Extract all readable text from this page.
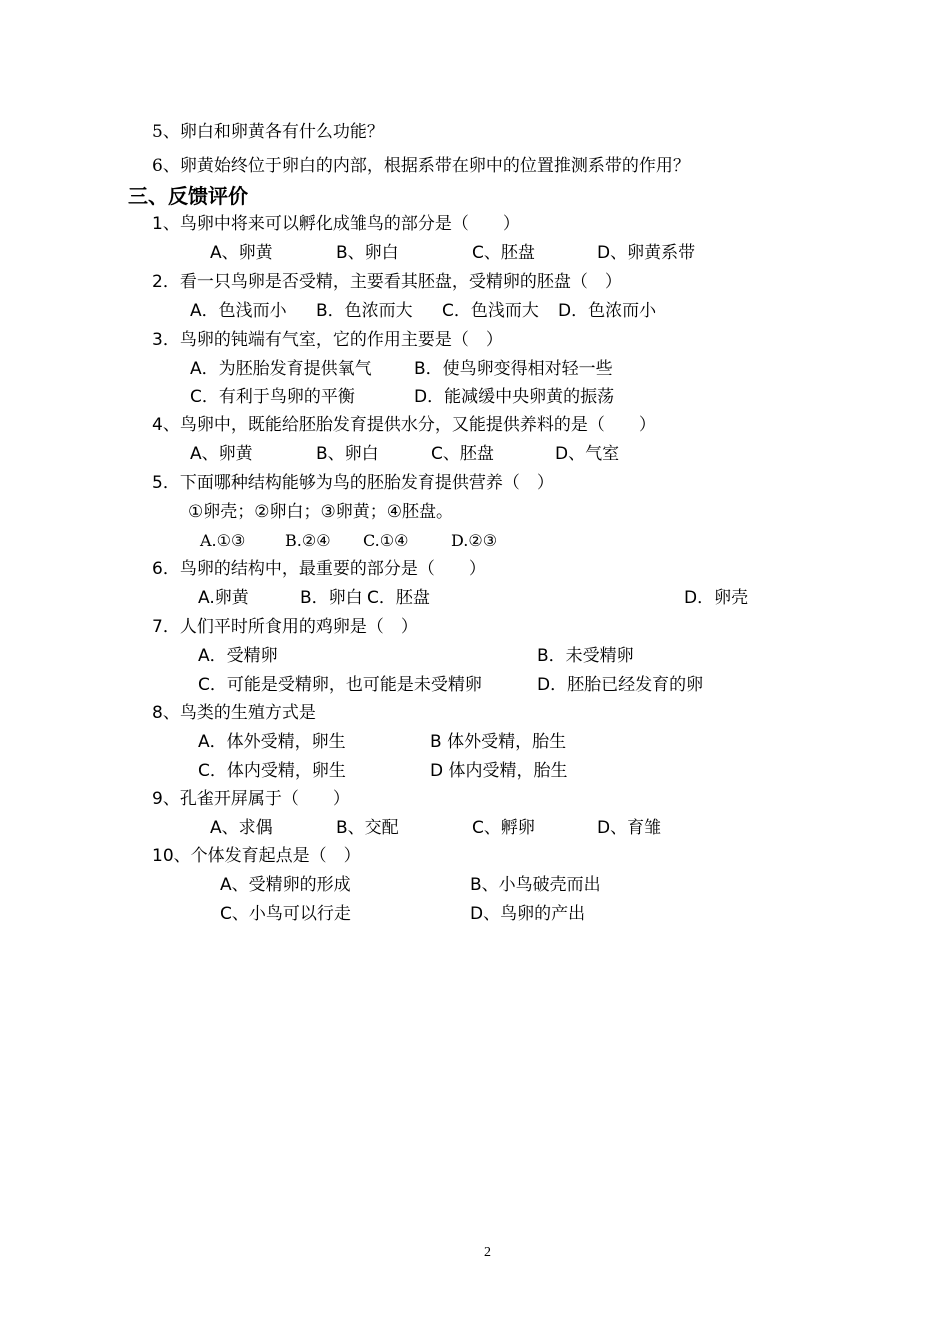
5、卵白和卵黄各有什么功能？
6、卵黄始终位于卵白的内部，根据系带在卵中的位置推测系带的作用？
三、反馈评价
1、鸟卵中将来可以孵化成雏鸟的部分是（　　）
A、卵黄	B、卵白	C、胚盘	D、卵黄系带
2．看一只鸟卵是否受精，主要看其胚盘，受精卵的胚盘（　）
A．色浅而小 B．色浓而大 C．色浅而大 D．色浓而小
3．鸟卵的钝端有气室，它的作用主要是（　）
A．为胚胎发育提供氧气 B．使鸟卵变得相对轻一些
C．有利于鸟卵的平衡	D．能减缓中央卵黄的振荡
4、鸟卵中，既能给胚胎发育提供水分，又能提供养料的是（　　）
A、卵黄	B、卵白	C、胚盘	D、气室
5．下面哪种结构能够为鸟的胚胎发育提供营养（　）
①卵壳；②卵白；③卵黄；④胚盘。
A.①③ B.②④ C.①④	D.②③
6．鸟卵的结构中，最重要的部分是（　　）
A.卵黄	B．卵白 C．胚盘	D．卵壳
7．人们平时所食用的鸡卵是（　）
A．受精卵	B．未受精卵
C．可能是受精卵，也可能是未受精卵	D．胚胎已经发育的卵
8、鸟类的生殖方式是
A．体外受精，卵生	B 体外受精，胎生
C．体内受精，卵生	D 体内受精，胎生
9、孔雀开屏属于（　　）
A、求偶	B、交配	C、孵卵	D、育雏
10、个体发育起点是（　）
A、受精卵的形成	B、小鸟破壳而出
C、小鸟可以行走	D、鸟卵的产出
2
